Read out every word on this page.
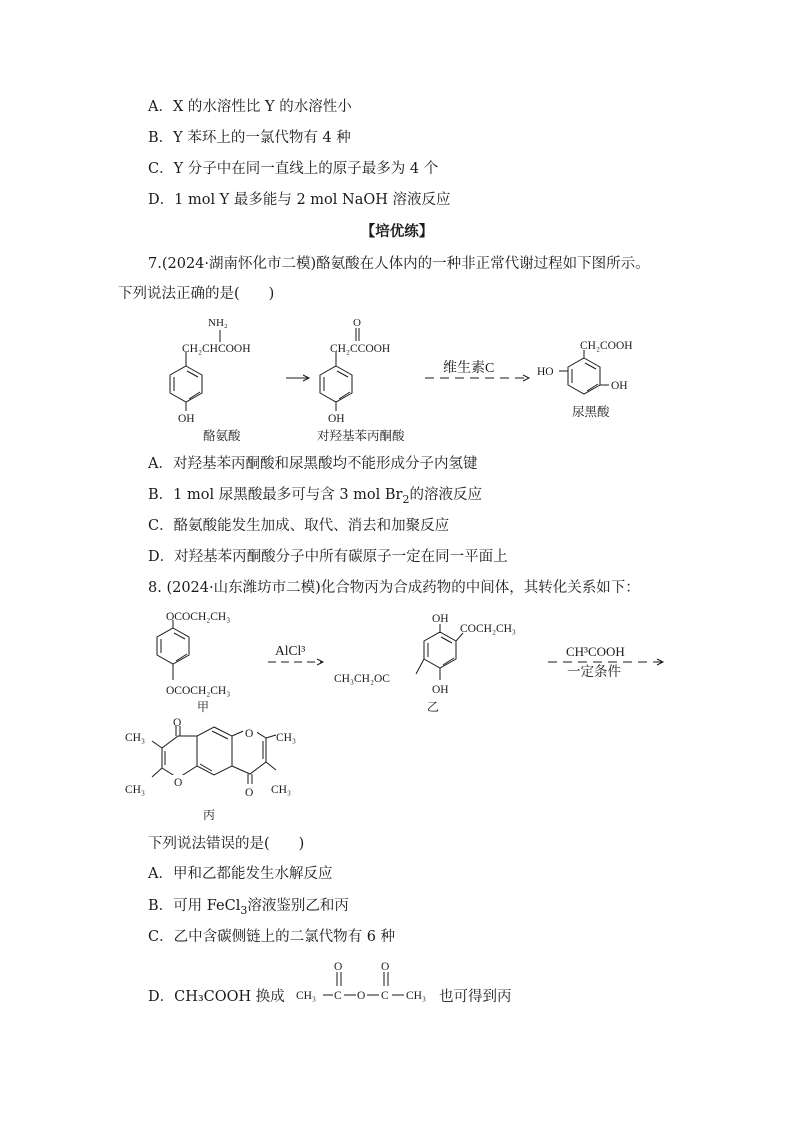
A．X 的水溶性比 Y 的水溶性小
B．Y 苯环上的一氯代物有 4 种
C．Y 分子中在同一直线上的原子最多为 4 个
D．1 mol Y 最多能与 2 mol NaOH 溶液反应
【培优练】
7.(2024·湖南怀化市二模)酪氨酸在人体内的一种非正常代谢过程如下图所示。
下列说法正确的是(　　)
NH₂
CH₂CHCOOH
OH
酪氨酸
O
CH₂CCOOH
OH
对羟基苯丙酮酸
维生素C
CH₂COOH
HO
OH
尿黑酸
A．对羟基苯丙酮酸和尿黑酸均不能形成分子内氢键
B．1 mol 尿黑酸最多可与含 3 mol $Br_2$的溶液反应
C．酪氨酸能发生加成、取代、消去和加聚反应
D．对羟基苯丙酮酸分子中所有碳原子一定在同一平面上
8. (2024·山东潍坊市二模)化合物丙为合成药物的中间体，其转化关系如下：
OCOCH₂CH₃
OCOCH₂CH₃
甲
AlCl³
OH
COCH₂CH₃
CH₃CH₂OC
OH
乙
CH³COOH
一定条件
O
O
O
O
CH₃
CH₃
CH₃
CH₃
丙
下列说法错误的是(　　)
A．甲和乙都能发生水解反应
B．可用 FeCl$_3$溶液鉴别乙和丙
C．乙中含碳侧链上的二氯代物有 6 种
D．CH₃COOH 换成
O	O
CH₃ C O C CH₃ 也可得到丙
